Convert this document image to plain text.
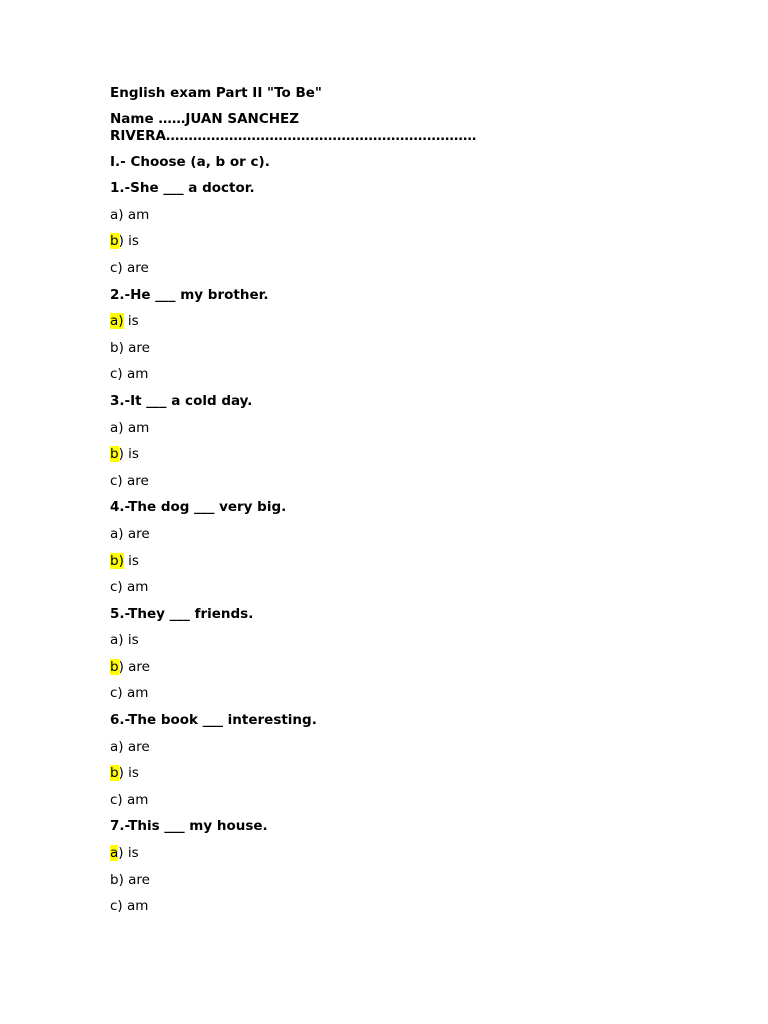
English exam Part II "To Be"
Name ……JUAN SANCHEZ
RIVERA……………………………………………………………
I.- Choose (a, b or c).
1.-She ___ a doctor.
a) am
b) is
c) are
2.-He ___ my brother.
a) is
b) are
c) am
3.-It ___ a cold day.
a) am
b) is
c) are
4.-The dog ___ very big.
a) are
b) is
c) am
5.-They ___ friends.
a) is
b) are
c) am
6.-The book ___ interesting.
a) are
b) is
c) am
7.-This ___ my house.
a) is
b) are
c) am
